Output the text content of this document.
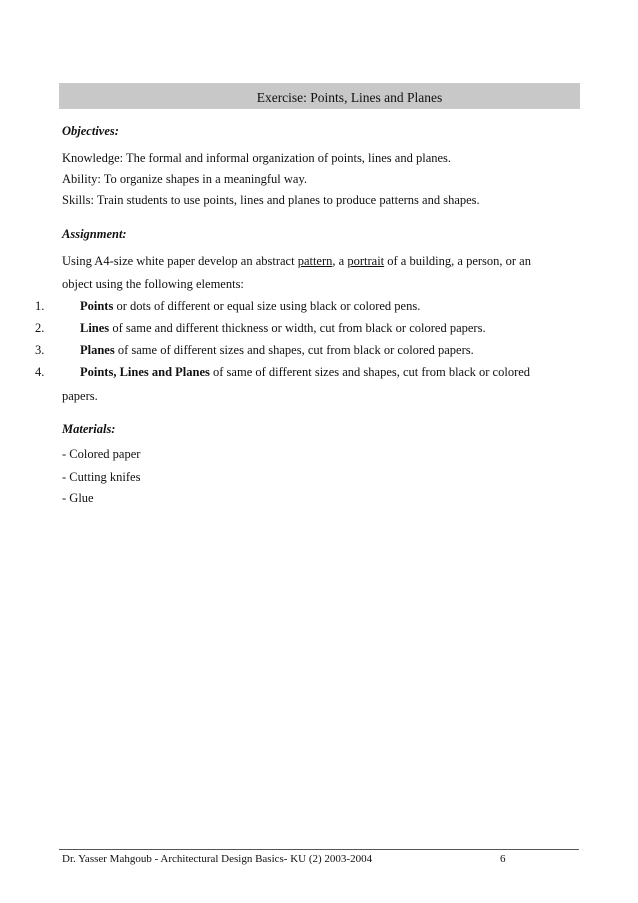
Exercise: Points, Lines and Planes
Objectives:
Knowledge: The formal and informal organization of points, lines and planes.
Ability: To organize shapes in a meaningful way.
Skills: Train students to use points, lines and planes to produce patterns and shapes.
Assignment:
Using A4-size white paper develop an abstract pattern, a portrait of a building, a person, or an
object using the following elements:
1.	Points or dots of different or equal size using black or colored pens.
2.	Lines of same and different thickness or width, cut from black or colored papers.
3.	Planes of same of different sizes and shapes, cut from black or colored papers.
4.	Points, Lines and Planes of same of different sizes and shapes, cut from black or colored
papers.
Materials:
- Colored paper
- Cutting knifes
- Glue
Dr. Yasser Mahgoub - Architectural Design Basics- KU (2) 2003-2004	6
